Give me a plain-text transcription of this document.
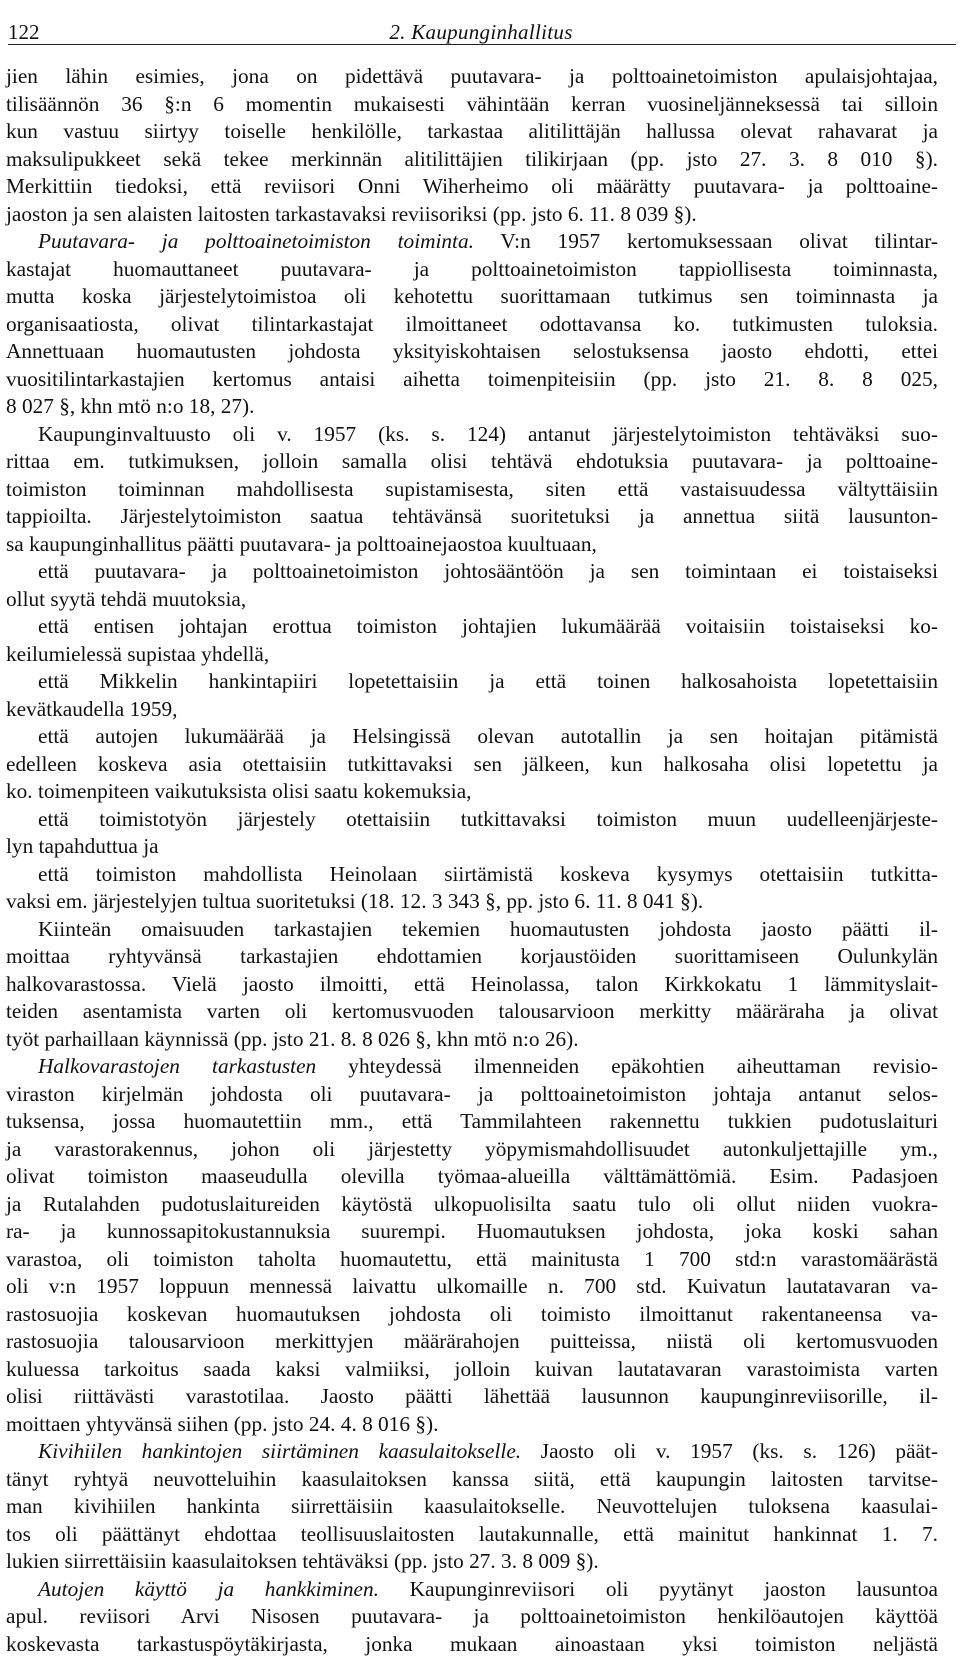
122	2. Kaupunginhallitus
jien lähin esimies, jona on pidettävä puutavara- ja polttoainetoimiston apulaisjohtajaa,
tilisäännön 36 §:n 6 momentin mukaisesti vähintään kerran vuosineljänneksessä tai silloin
kun vastuu siirtyy toiselle henkilölle, tarkastaa alitilittäjän hallussa olevat rahavarat ja
maksulipukkeet sekä tekee merkinnän alitilittäjien tilikirjaan (pp. jsto 27. 3. 8 010 §).
Merkittiin tiedoksi, että reviisori Onni Wiherheimo oli määrätty puutavara- ja polttoaine-
jaoston ja sen alaisten laitosten tarkastavaksi reviisoriksi (pp. jsto 6. 11. 8 039 §).
Puutavara- ja polttoainetoimiston toiminta. V:n 1957 kertomuksessaan olivat tilintar-
kastajat huomauttaneet puutavara- ja polttoainetoimiston tappiollisesta toiminnasta,
mutta koska järjestelytoimistoa oli kehotettu suorittamaan tutkimus sen toiminnasta ja
organisaatiosta, olivat tilintarkastajat ilmoittaneet odottavansa ko. tutkimusten tuloksia.
Annettuaan huomautusten johdosta yksityiskohtaisen selostuksensa jaosto ehdotti, ettei
vuositilintarkastajien kertomus antaisi aihetta toimenpiteisiin (pp. jsto 21. 8. 8 025,
8 027 §, khn mtö n:o 18, 27).
Kaupunginvaltuusto oli v. 1957 (ks. s. 124) antanut järjestelytoimiston tehtäväksi suo-
rittaa em. tutkimuksen, jolloin samalla olisi tehtävä ehdotuksia puutavara- ja polttoaine-
toimiston toiminnan mahdollisesta supistamisesta, siten että vastaisuudessa vältyttäisiin
tappioilta. Järjestelytoimiston saatua tehtävänsä suoritetuksi ja annettua siitä lausunton-
sa kaupunginhallitus päätti puutavara- ja polttoainejaostoa kuultuaan,
että puutavara- ja polttoainetoimiston johtosääntöön ja sen toimintaan ei toistaiseksi
ollut syytä tehdä muutoksia,
että entisen johtajan erottua toimiston johtajien lukumäärää voitaisiin toistaiseksi ko-
keilumielessä supistaa yhdellä,
että Mikkelin hankintapiiri lopetettaisiin ja että toinen halkosahoista lopetettaisiin
kevätkaudella 1959,
että autojen lukumäärää ja Helsingissä olevan autotallin ja sen hoitajan pitämistä
edelleen koskeva asia otettaisiin tutkittavaksi sen jälkeen, kun halkosaha olisi lopetettu ja
ko. toimenpiteen vaikutuksista olisi saatu kokemuksia,
että toimistotyön järjestely otettaisiin tutkittavaksi toimiston muun uudelleenjärjeste-
lyn tapahduttua ja
että toimiston mahdollista Heinolaan siirtämistä koskeva kysymys otettaisiin tutkitta-
vaksi em. järjestelyjen tultua suoritetuksi (18. 12. 3 343 §, pp. jsto 6. 11. 8 041 §).
Kiinteän omaisuuden tarkastajien tekemien huomautusten johdosta jaosto päätti il-
moittaa ryhtyvänsä tarkastajien ehdottamien korjaustöiden suorittamiseen Oulunkylän
halkovarastossa. Vielä jaosto ilmoitti, että Heinolassa, talon Kirkkokatu 1 lämmityslait-
teiden asentamista varten oli kertomusvuoden talousarvioon merkitty määräraha ja olivat
työt parhaillaan käynnissä (pp. jsto 21. 8. 8 026 §, khn mtö n:o 26).
Halkovarastojen tarkastusten yhteydessä ilmenneiden epäkohtien aiheuttaman revisio-
viraston kirjelmän johdosta oli puutavara- ja polttoainetoimiston johtaja antanut selos-
tuksensa, jossa huomautettiin mm., että Tammilahteen rakennettu tukkien pudotuslaituri
ja varastorakennus, johon oli järjestetty yöpymismahdollisuudet autonkuljettajille ym.,
olivat toimiston maaseudulla olevilla työmaa-alueilla välttämättömiä. Esim. Padasjoen
ja Rutalahden pudotuslaitureiden käytöstä ulkopuolisilta saatu tulo oli ollut niiden vuokra-
ra- ja kunnossapitokustannuksia suurempi. Huomautuksen johdosta, joka koski sahan
varastoa, oli toimiston taholta huomautettu, että mainitusta 1 700 std:n varastomäärästä
oli v:n 1957 loppuun mennessä laivattu ulkomaille n. 700 std. Kuivatun lautatavaran va-
rastosuojia koskevan huomautuksen johdosta oli toimisto ilmoittanut rakentaneensa va-
rastosuojia talousarvioon merkittyjen määrärahojen puitteissa, niistä oli kertomusvuoden
kuluessa tarkoitus saada kaksi valmiiksi, jolloin kuivan lautatavaran varastoimista varten
olisi riittävästi varastotilaa. Jaosto päätti lähettää lausunnon kaupunginreviisorille, il-
moittaen yhtyvänsä siihen (pp. jsto 24. 4. 8 016 §).
Kivihiilen hankintojen siirtäminen kaasulaitokselle. Jaosto oli v. 1957 (ks. s. 126) päät-
tänyt ryhtyä neuvotteluihin kaasulaitoksen kanssa siitä, että kaupungin laitosten tarvitse-
man kivihiilen hankinta siirrettäisiin kaasulaitokselle. Neuvottelujen tuloksena kaasulai-
tos oli päättänyt ehdottaa teollisuuslaitosten lautakunnalle, että mainitut hankinnat 1. 7.
lukien siirrettäisiin kaasulaitoksen tehtäväksi (pp. jsto 27. 3. 8 009 §).
Autojen käyttö ja hankkiminen. Kaupunginreviisori oli pyytänyt jaoston lausuntoa
apul. reviisori Arvi Nisosen puutavara- ja polttoainetoimiston henkilöautojen käyttöä
koskevasta tarkastuspöytäkirjasta, jonka mukaan ainoastaan yksi toimiston neljästä
